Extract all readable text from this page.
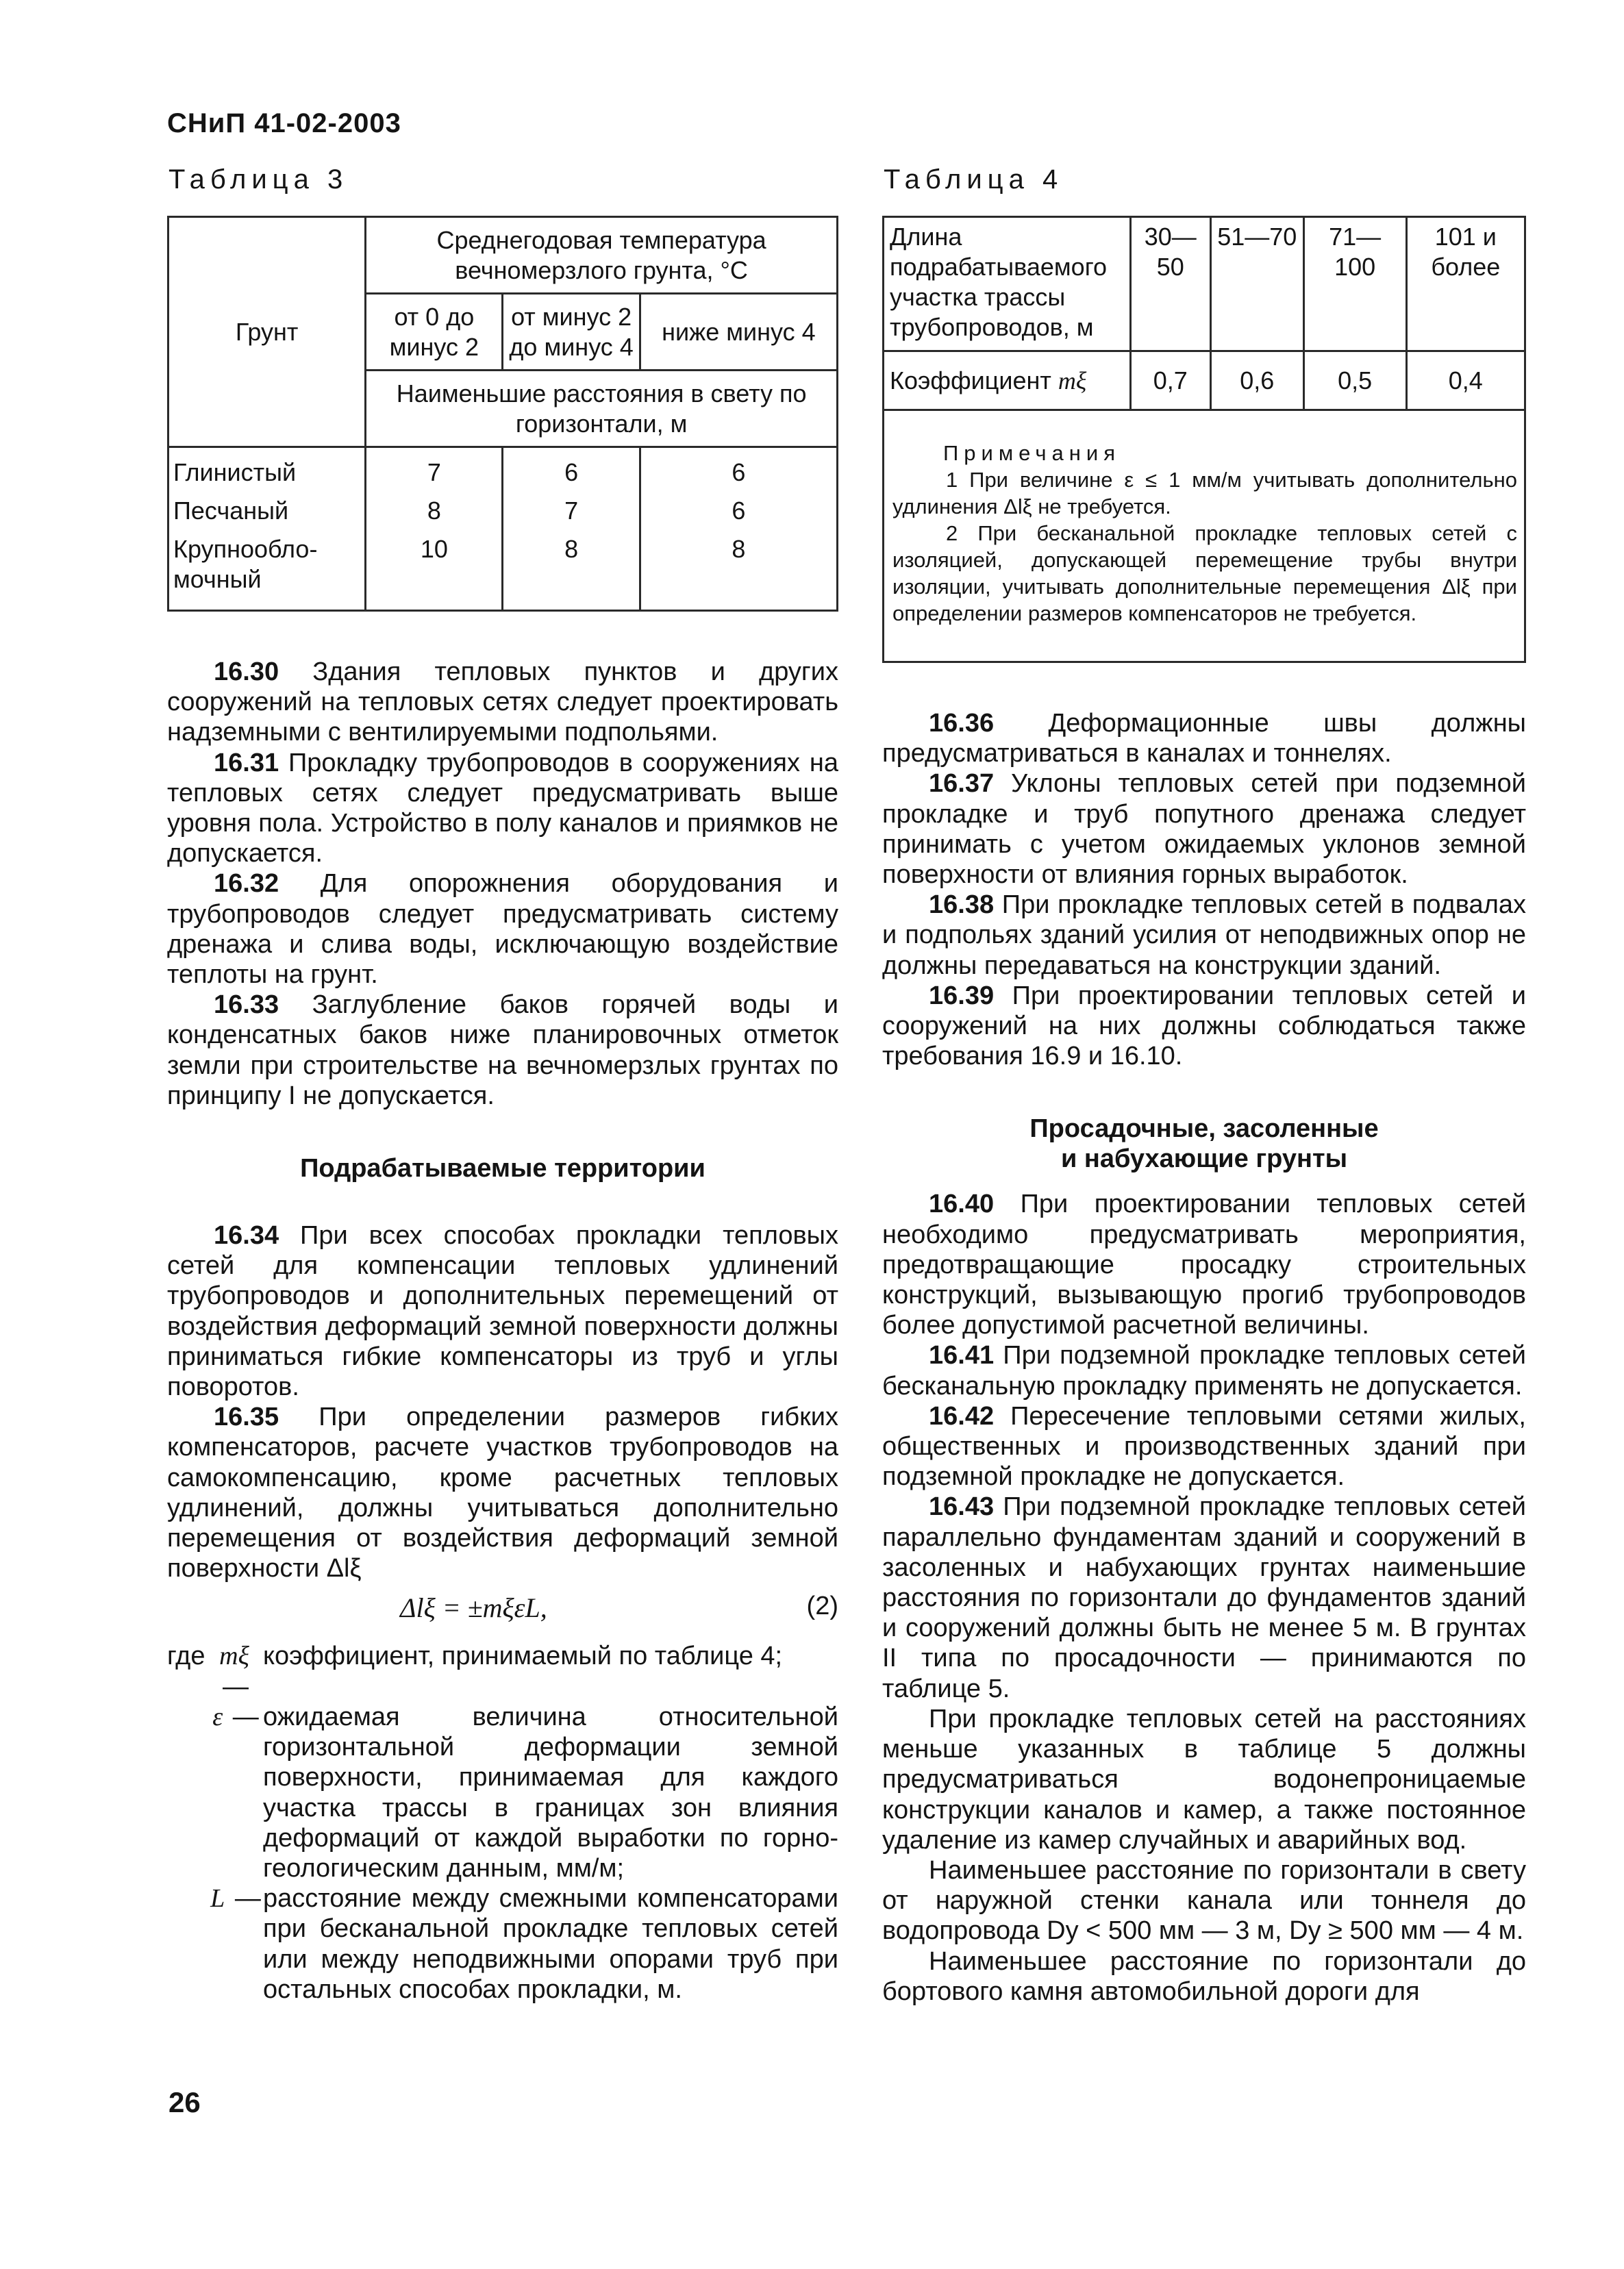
СНиП 41-02-2003
Таблица 3
Грунт	Среднегодовая температура вечномерзлого грунта, °С		
	от 0 до минус 2	от минус 2 до минус 4	ниже минус 4
	Наименьшие расстояния в свету по горизонтали, м		
Глинистый	7	6	6
Песчаный	8	7	6
Крупнообло-мочный	10	8	8

16.30 Здания тепловых пунктов и других сооружений на тепловых сетях следует проектировать надземными с вентилируемыми подпольями.

16.31 Прокладку трубопроводов в сооружениях на тепловых сетях следует предусматривать выше уровня пола. Устройство в полу каналов и приямков не допускается.

16.32 Для опорожнения оборудования и трубопроводов следует предусматривать систему дренажа и слива воды, исключающую воздействие теплоты на грунт.

16.33 Заглубление баков горячей воды и конденсатных баков ниже планировочных отметок земли при строительстве на вечномерзлых грунтах по принципу I не допускается.

Подрабатываемые территории

16.34 При всех способах прокладки тепловых сетей для компенсации тепловых удлинений трубопроводов и дополнительных перемещений от воздействия деформаций земной поверхности должны приниматься гибкие компенсаторы из труб и углы поворотов.

16.35 При определении размеров гибких компенсаторов, расчете участков трубопроводов на самокомпенсацию, кроме расчетных тепловых удлинений, должны учитываться дополнительно перемещения от воздействия деформаций земной поверхности Δlξ

Δlξ = ±mξεL,	(2)
где mξ —
коэффициент, принимаемый по таблице 4;
ε — ожидаемая величина относительной горизонтальной деформации земной поверхности, принимаемая для каждого участка трассы в границах зон влияния деформаций от каждой выработки по горно-геологическим данным, мм/м;
L — расстояние между смежными компенсаторами при бесканальной прокладке тепловых сетей или между неподвижными опорами труб при остальных способах прокладки, м.
Таблица 4
Длина подрабатываемого участка трассы трубопроводов, м	30—50	51—70	71—100	101 и более
Коэффициент mξ	0,7	0,6	0,5	0,4

Примечания
1 При величине ε ≤ 1 мм/м учитывать дополнительно удлинения Δlξ не требуется.
2 При бесканальной прокладке тепловых сетей с изоляцией, допускающей перемещение трубы внутри изоляции, учитывать дополнительные перемещения Δlξ при определении размеров компенсаторов не требуется.				

16.36 Деформационные швы должны предусматриваться в каналах и тоннелях.

16.37 Уклоны тепловых сетей при подземной прокладке и труб попутного дренажа следует принимать с учетом ожидаемых уклонов земной поверхности от влияния горных выработок.

16.38 При прокладке тепловых сетей в подвалах и подпольях зданий усилия от неподвижных опор не должны передаваться на конструкции зданий.

16.39 При проектировании тепловых сетей и сооружений на них должны соблюдаться также требования 16.9 и 16.10.

Просадочные, засоленные
и набухающие грунты

16.40 При проектировании тепловых сетей необходимо предусматривать мероприятия, предотвращающие просадку строительных конструкций, вызывающую прогиб трубопроводов более допустимой расчетной величины.

16.41 При подземной прокладке тепловых сетей бесканальную прокладку применять не допускается.

16.42 Пересечение тепловыми сетями жилых, общественных и производственных зданий при подземной прокладке не допускается.

16.43 При подземной прокладке тепловых сетей параллельно фундаментам зданий и сооружений в засоленных и набухающих грунтах наименьшие расстояния по горизонтали до фундаментов зданий и сооружений должны быть не менее 5 м. В грунтах II типа по просадочности — принимаются по таблице 5.

При прокладке тепловых сетей на расстояниях меньше указанных в таблице 5 должны предусматриваться водонепроницаемые конструкции каналов и камер, а также постоянное удаление из камер случайных и аварийных вод.

Наименьшее расстояние по горизонтали в свету от наружной стенки канала или тоннеля до водопровода Dy < 500 мм — 3 м, Dy ≥ 500 мм — 4 м.

Наименьшее расстояние по горизонтали до бортового камня автомобильной дороги для

26
